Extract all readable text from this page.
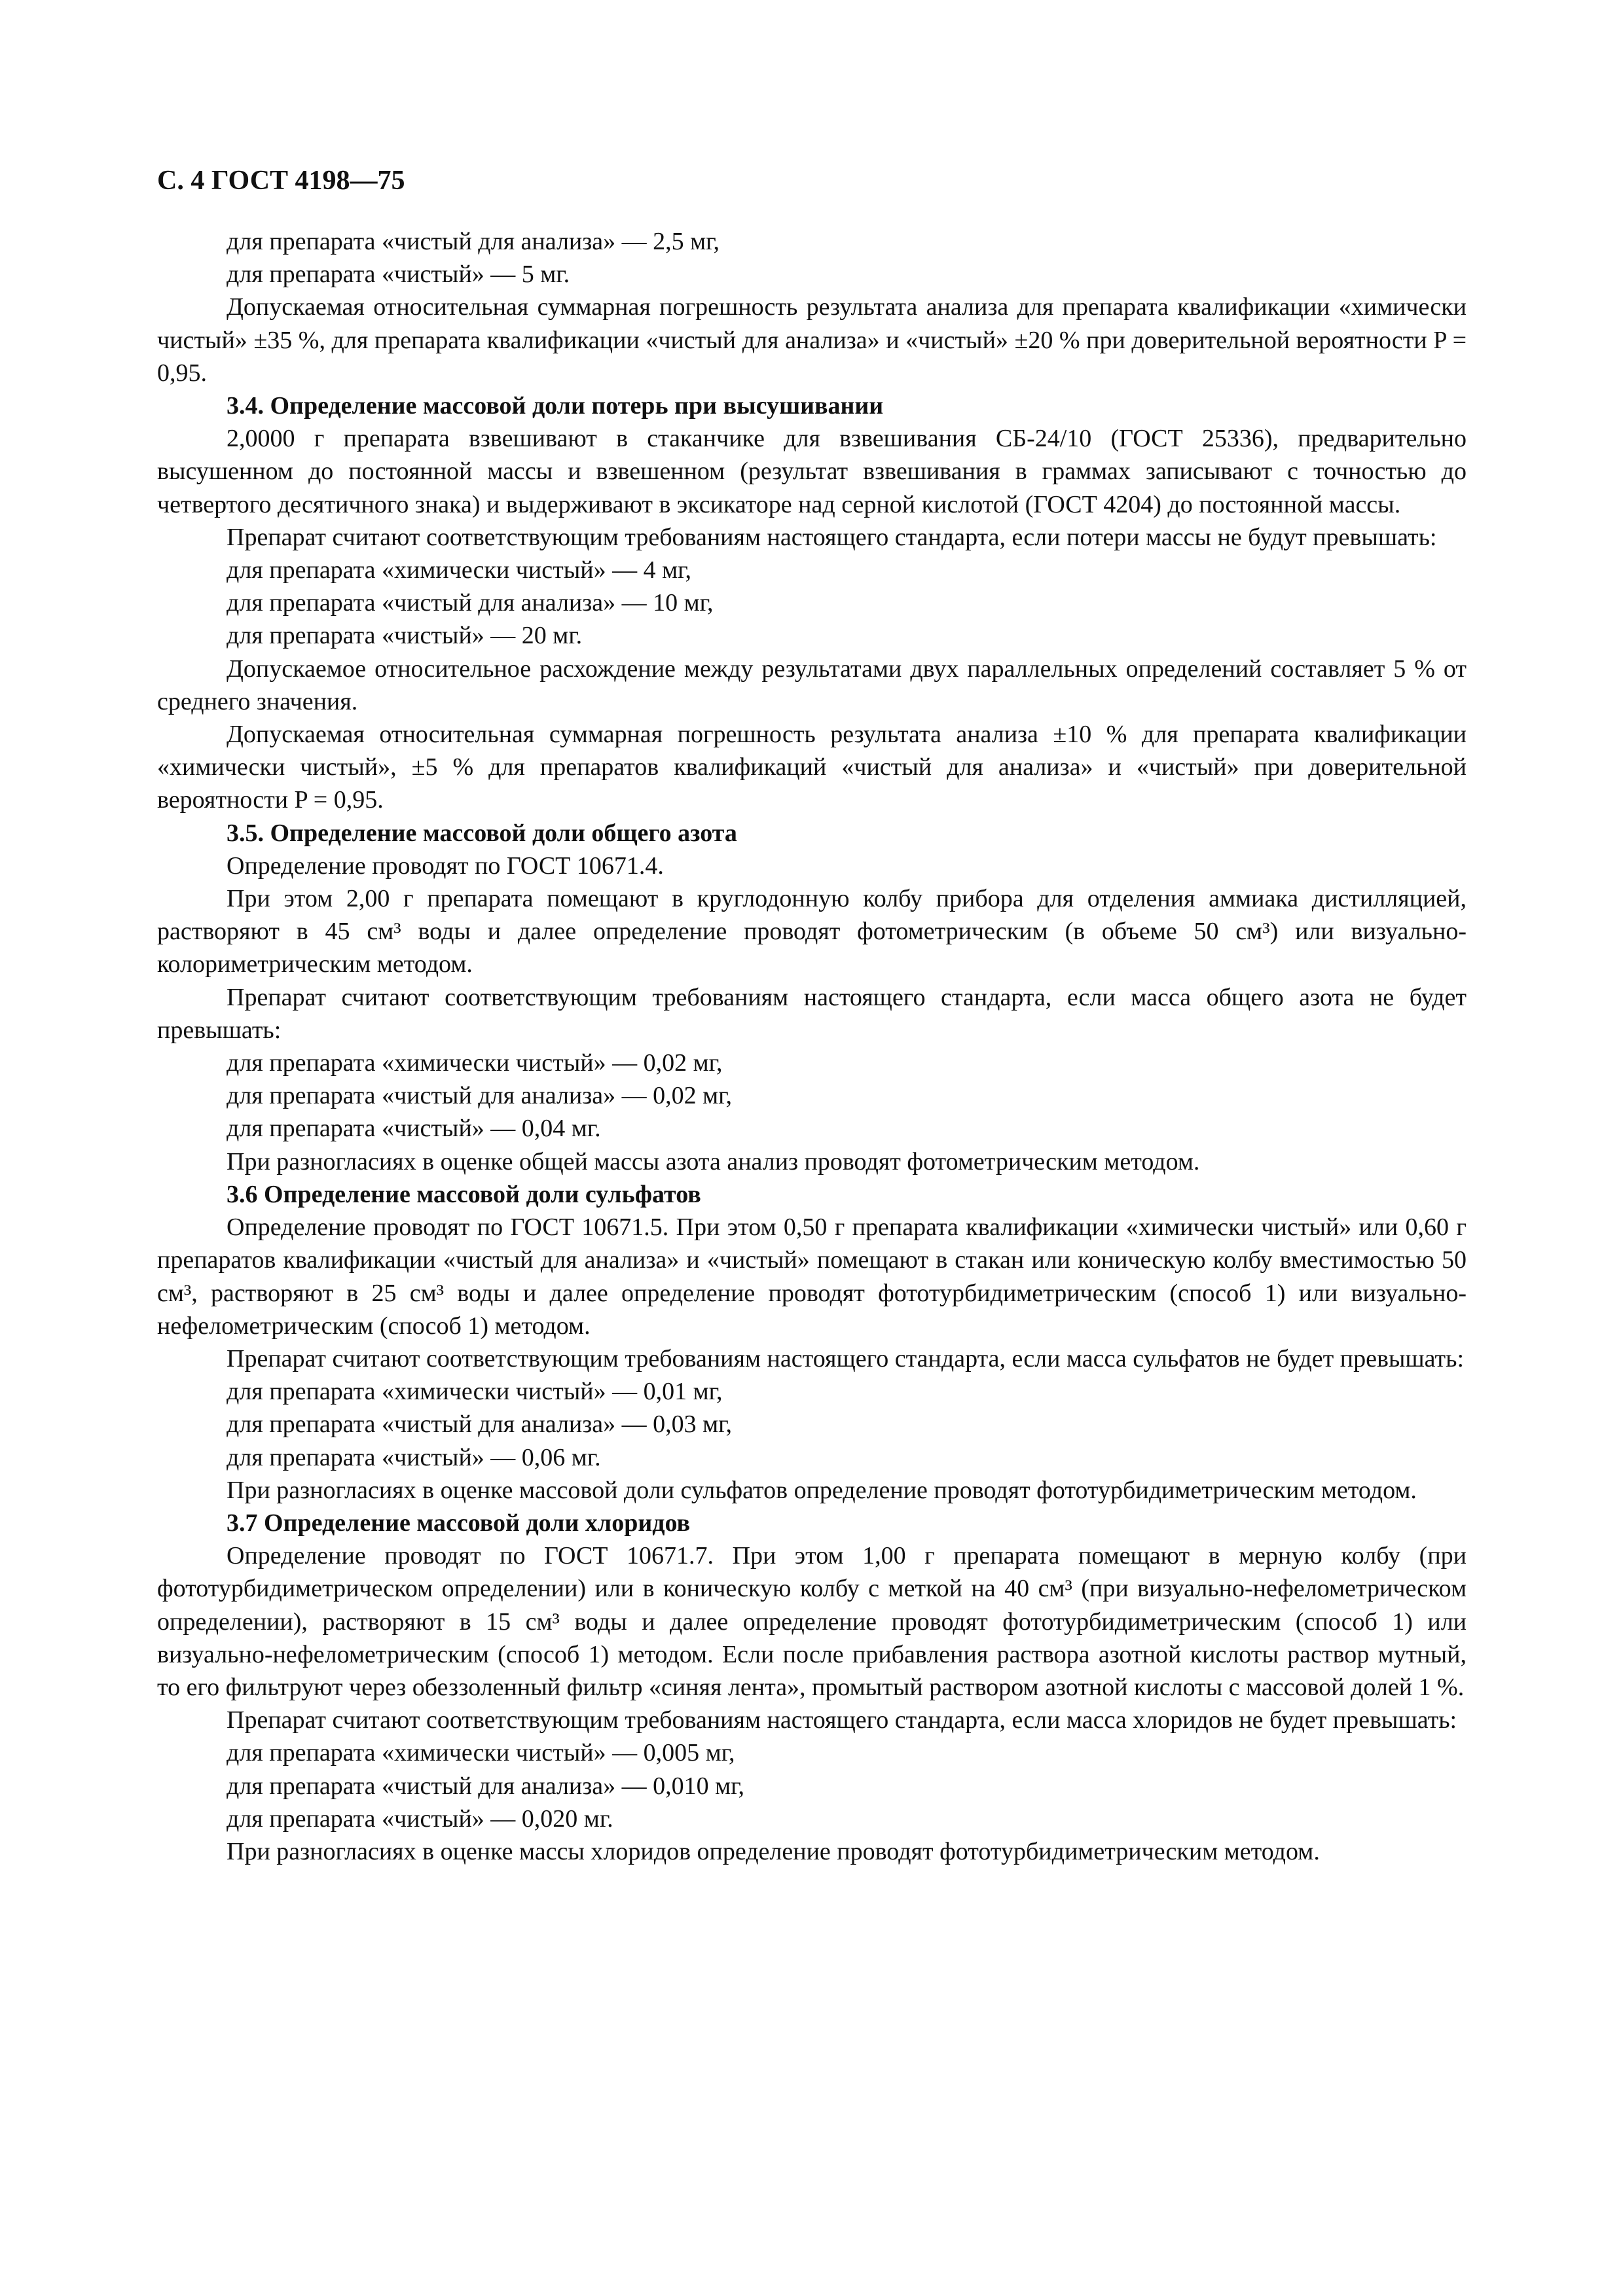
С. 4 ГОСТ 4198—75
для препарата «чистый для анализа» — 2,5 мг,
для препарата «чистый» — 5 мг.
Допускаемая относительная суммарная погрешность результата анализа для препарата квалификации «химически чистый» ±35 %, для препарата квалификации «чистый для анализа» и «чистый» ±20 % при доверительной вероятности P = 0,95.
3.4. Определение массовой доли потерь при высушивании
2,0000 г препарата взвешивают в стаканчике для взвешивания СБ-24/10 (ГОСТ 25336), предварительно высушенном до постоянной массы и взвешенном (результат взвешивания в граммах записывают с точностью до четвертого десятичного знака) и выдерживают в эксикаторе над серной кислотой (ГОСТ 4204) до постоянной массы.
Препарат считают соответствующим требованиям настоящего стандарта, если потери массы не будут превышать:
для препарата «химически чистый» — 4 мг,
для препарата «чистый для анализа» — 10 мг,
для препарата «чистый» — 20 мг.
Допускаемое относительное расхождение между результатами двух параллельных определений составляет 5 % от среднего значения.
Допускаемая относительная суммарная погрешность результата анализа ±10 % для препарата квалификации «химически чистый», ±5 % для препаратов квалификаций «чистый для анализа» и «чистый» при доверительной вероятности P = 0,95.
3.5. Определение массовой доли общего азота
Определение проводят по ГОСТ 10671.4.
При этом 2,00 г препарата помещают в круглодонную колбу прибора для отделения аммиака дистилляцией, растворяют в 45 см³ воды и далее определение проводят фотометрическим (в объеме 50 см³) или визуально-колориметрическим методом.
Препарат считают соответствующим требованиям настоящего стандарта, если масса общего азота не будет превышать:
для препарата «химически чистый» — 0,02 мг,
для препарата «чистый для анализа» — 0,02 мг,
для препарата «чистый» — 0,04 мг.
При разногласиях в оценке общей массы азота анализ проводят фотометрическим методом.
3.6 Определение массовой доли сульфатов
Определение проводят по ГОСТ 10671.5. При этом 0,50 г препарата квалификации «химически чистый» или 0,60 г препаратов квалификации «чистый для анализа» и «чистый» помещают в стакан или коническую колбу вместимостью 50 см³, растворяют в 25 см³ воды и далее определение проводят фототурбидиметрическим (способ 1) или визуально-нефелометрическим (способ 1) методом.
Препарат считают соответствующим требованиям настоящего стандарта, если масса сульфатов не будет превышать:
для препарата «химически чистый» — 0,01 мг,
для препарата «чистый для анализа» — 0,03 мг,
для препарата «чистый» — 0,06 мг.
При разногласиях в оценке массовой доли сульфатов определение проводят фототурбидиметрическим методом.
3.7 Определение массовой доли хлоридов
Определение проводят по ГОСТ 10671.7. При этом 1,00 г препарата помещают в мерную колбу (при фототурбидиметрическом определении) или в коническую колбу с меткой на 40 см³ (при визуально-нефелометрическом определении), растворяют в 15 см³ воды и далее определение проводят фототурбидиметрическим (способ 1) или визуально-нефелометрическим (способ 1) методом. Если после прибавления раствора азотной кислоты раствор мутный, то его фильтруют через обеззоленный фильтр «синяя лента», промытый раствором азотной кислоты с массовой долей 1 %.
Препарат считают соответствующим требованиям настоящего стандарта, если масса хлоридов не будет превышать:
для препарата «химически чистый» — 0,005 мг,
для препарата «чистый для анализа» — 0,010 мг,
для препарата «чистый» — 0,020 мг.
При разногласиях в оценке массы хлоридов определение проводят фототурбидиметрическим методом.
